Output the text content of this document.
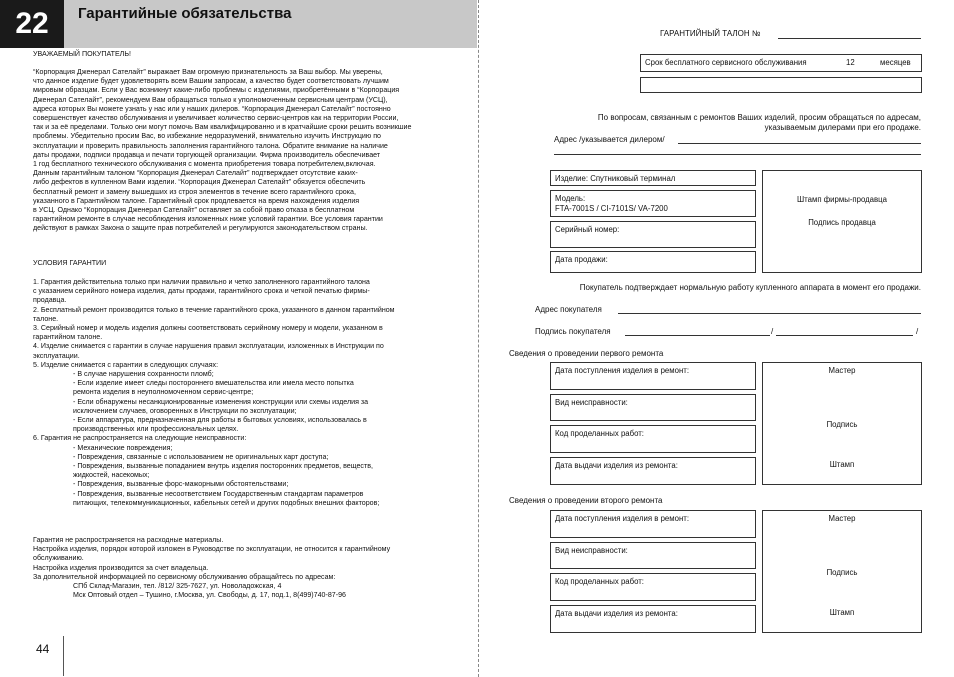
22	Гарантийные обязательства
УВАЖАЕМЫЙ ПОКУПАТЕЛЬ!
“Корпорация Дженерал Сателайт” выражает Вам огромную признательность за Ваш выбор. Мы уверены,
что данное изделие будет удовлетворять всем Вашим запросам, а качество будет соответствовать лучшим
мировым образцам. Если у Вас возникнут какие-либо проблемы с изделиями, приобретёнными в “Корпорация
Дженерал Сателайт”, рекомендуем Вам обращаться только к уполномоченным сервисным центрам (УСЦ),
адреса которых Вы можете узнать у нас или у наших дилеров. “Корпорация Дженерал Сателайт” постоянно
совершенствует качество обслуживания и увеличивает количество сервис-центров как на территории России,
так и за её пределами. Только они могут помочь Вам квалифицированно и в кратчайшие сроки решить возникшие
проблемы. Убедительно просим Вас, во избежание недоразумений, внимательно изучить Инструкцию по
эксплуатации и проверить правильность заполнения гарантийного талона. Обратите внимание на наличие
даты продажи, подписи продавца и печати торгующей организации. Фирма производитель обеспечивает
1 год бесплатного технического обслуживания с момента приобретения товара потребителем,включая.
Данным гарантийным талоном “Корпорация Дженерал Сателайт” подтверждает отсутствие каких-
либо дефектов в купленном Вами изделии. “Корпорация Дженерал Сателайт” обязуется обеспечить
бесплатный ремонт и замену вышедших из строя элементов в течение всего гарантийного срока,
указанного в Гарантийном талоне. Гарантийный срок продлевается на время нахождения изделия
в УСЦ. Однако “Корпорация Дженерал Сателайт” оставляет за собой право отказа в бесплатном
гарантийном ремонте в случае несоблюдения изложенных ниже условий гарантии. Все условия гарантии
действуют в рамках Закона о защите прав потребителей и регулируются законодательством страны.
УСЛОВИЯ ГАРАНТИИ
1. Гарантия действительна только при наличии правильно и четко заполненного гарантийного талона
с указанием серийного номера изделия, даты продажи, гарантийного срока и четкой печатью фирмы-
продавца.
2. Бесплатный ремонт производится только в течение гарантийного срока, указанного в данном гарантийном
талоне.
3. Серийный номер и модель изделия должны соответствовать серийному номеру и модели, указанном в
гарантийном талоне.
4. Изделие снимается с гарантии в случае нарушения правил эксплуатации, изложенных в Инструкции по
эксплуатации.
5. Изделие снимается с гарантии в следующих случаях:
- В случае нарушения сохранности пломб;
- Если изделие имеет следы постороннего вмешательства или имела место попытка
ремонта изделия в неуполномоченном сервис-центре;
- Если обнаружены несанкционированные изменения конструкции или схемы изделия за
исключением случаев, оговоренных в Инструкции по эксплуатации;
- Если аппаратура, предназначенная для работы в бытовых условиях, использовалась в
производственных или профессиональных целях.
6. Гарантия не распространяется на следующие неисправности:
- Механические повреждения;
- Повреждения, связанные с использованием не оригинальных карт доступа;
- Повреждения, вызванные попаданием внутрь изделия посторонних предметов, веществ,
жидкостей, насекомых;
- Повреждения, вызванные форс-мажорными обстоятельствами;
- Повреждения, вызванные несоответствием Государственным стандартам параметров
питающих, телекоммуникационных, кабельных сетей и других подобных внешних факторов;
Гарантия не распространяется на расходные материалы.
Настройка изделия, порядок которой изложен в Руководстве по эксплуатации, не относится к гарантийному
обслуживанию.
Настройка изделия производится за счет владельца.
За дополнительной информацией по сервисному обслуживанию обращайтесь по адресам:
СПб Склад-Магазин, тел. /812/ 325-7627, ул. Новоладожская, 4
Мск Оптовый отдел – Тушино, г.Москва, ул. Свободы, д. 17, под.1, 8(499)740-87-96
44
ГАРАНТИЙНЫЙ ТАЛОН №
Срок бесплатного сервисного обслуживания	12	месяцев
По вопросам, связанным с ремонтов Ваших изделий, просим обращаться по адресам,
указываемым дилерами при его продаже.
Адрес /указывается дилером/
Изделие: Спутниковый терминал
Модель:
FTA-7001S / CI-7101S/ VA-7200
Серийный номер:
Дата продажи:
Штамп фирмы-продавца
Подпись продавца
Покупатель подтверждает нормальную работу купленного аппарата в момент его продажи.
Адрес покупателя
Подпись покупателя	/	/
Сведения о проведении первого ремонта
Дата поступления изделия в ремонт:
Вид неисправности:
Код проделанных работ:
Дата выдачи изделия из ремонта:
Мастер
Подпись
Штамп
Сведения о проведении второго ремонта
Дата поступления изделия в ремонт:
Вид неисправности:
Код проделанных работ:
Дата выдачи изделия из ремонта:
Мастер
Подпись
Штамп
